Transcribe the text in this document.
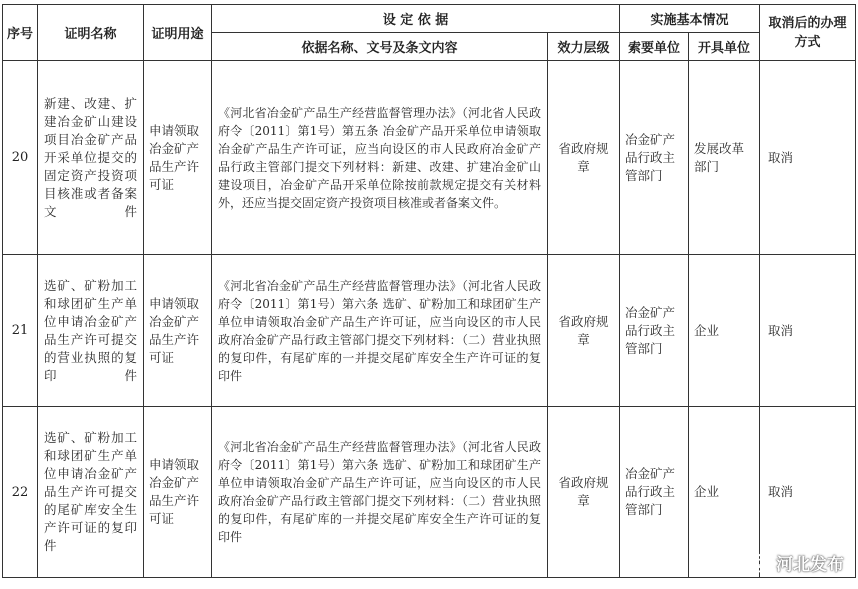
序号	证明名称	证明用途	设 定 依 据		实施基本情况		取消后的办理方式
			依据名称、文号及条文内容	效力层级	索要单位	开具单位	
20	新建、改建、扩建冶金矿山建设项目冶金矿产品开采单位提交的固定资产投资项目核准或者备案文件	申请领取冶金矿产品生产许可证	《河北省冶金矿产品生产经营监督管理办法》（河北省人民政府令〔2011〕第1号）第五条 冶金矿产品开采单位申请领取冶金矿产品生产许可证，应当向设区的市人民政府冶金矿产品行政主管部门提交下列材料：新建、改建、扩建冶金矿山建设项目，冶金矿产品开采单位除按前款规定提交有关材料外，还应当提交固定资产投资项目核准或者备案文件。	省政府规章	冶金矿产品行政主管部门	发展改革部门	取消

21	选矿、矿粉加工和球团矿生产单位申请冶金矿产品生产许可提交的营业执照的复印件	申请领取冶金矿产品生产许可证	《河北省冶金矿产品生产经营监督管理办法》（河北省人民政府令〔2011〕第1号）第六条 选矿、矿粉加工和球团矿生产单位申请领取冶金矿产品生产许可证，应当向设区的市人民政府冶金矿产品行政主管部门提交下列材料：（二）营业执照的复印件，有尾矿库的一并提交尾矿库安全生产许可证的复印件	省政府规章	冶金矿产品行政主管部门	企业	取消

22	选矿、矿粉加工和球团矿生产单位申请冶金矿产品生产许可提交的尾矿库安全生产许可证的复印件	申请领取冶金矿产品生产许可证	《河北省冶金矿产品生产经营监督管理办法》（河北省人民政府令〔2011〕第1号）第六条 选矿、矿粉加工和球团矿生产单位申请领取冶金矿产品生产许可证，应当向设区的市人民政府冶金矿产品行政主管部门提交下列材料：（二）营业执照的复印件，有尾矿库的一并提交尾矿库安全生产许可证的复印件	省政府规章	冶金矿产品行政主管部门	企业	取消
河北发布
